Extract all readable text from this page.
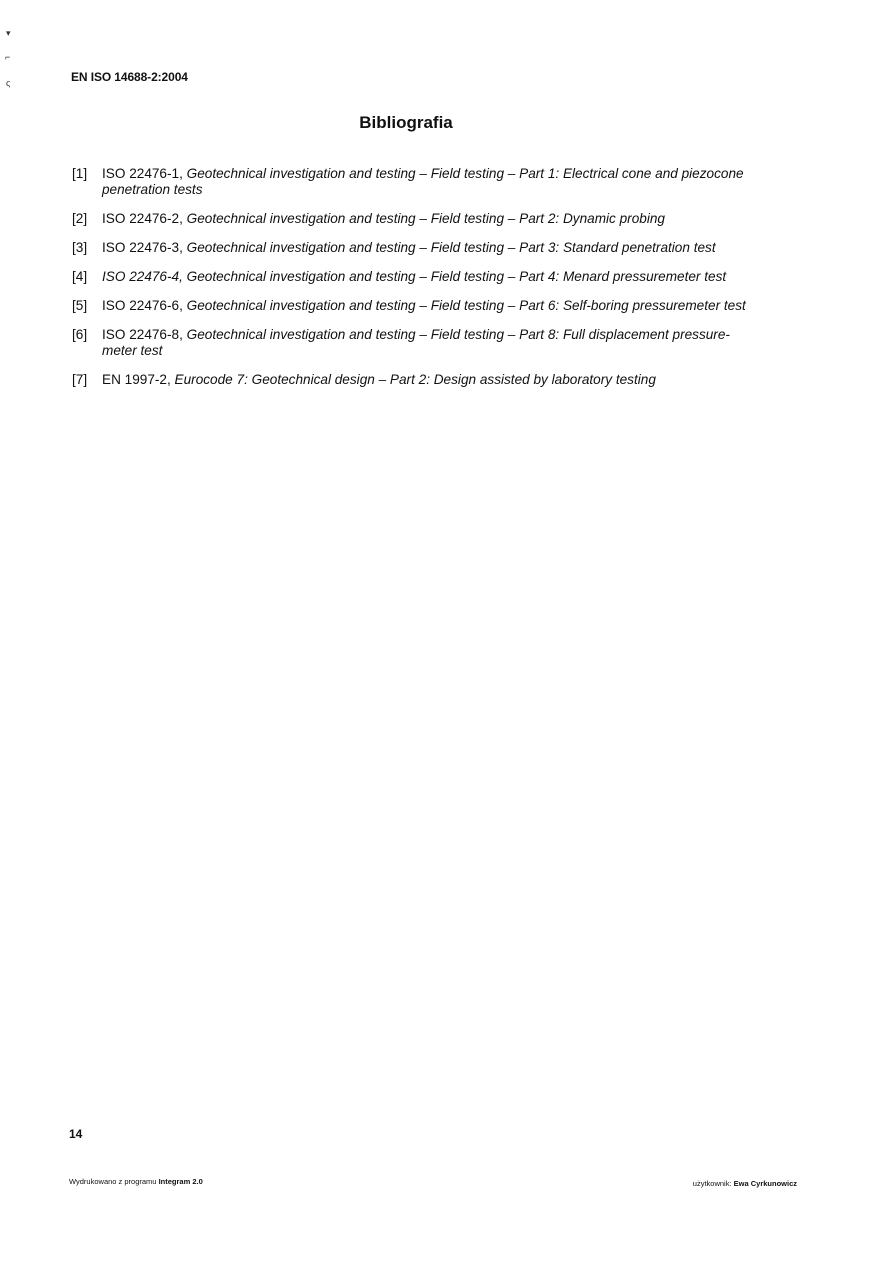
▾
⌐
ς	EN ISO 14688-2:2004
Bibliografia
[1]	ISO 22476-1, Geotechnical investigation and testing – Field testing – Part 1: Electrical cone and piezocone penetration tests
[2]	ISO 22476-2, Geotechnical investigation and testing – Field testing – Part 2: Dynamic probing
[3]	ISO 22476-3, Geotechnical investigation and testing – Field testing – Part 3: Standard penetration test
[4]	ISO 22476-4, Geotechnical investigation and testing – Field testing – Part 4: Menard pressuremeter test
[5]	ISO 22476-6, Geotechnical investigation and testing – Field testing – Part 6: Self-boring pressuremeter test
[6]	ISO 22476-8, Geotechnical investigation and testing – Field testing – Part 8: Full displacement pressure-meter test
[7]	EN 1997-2, Eurocode 7: Geotechnical design – Part 2: Design assisted by laboratory testing
14
Wydrukowano z programu Integram 2.0	użytkownik: Ewa Cyrkunowicz
